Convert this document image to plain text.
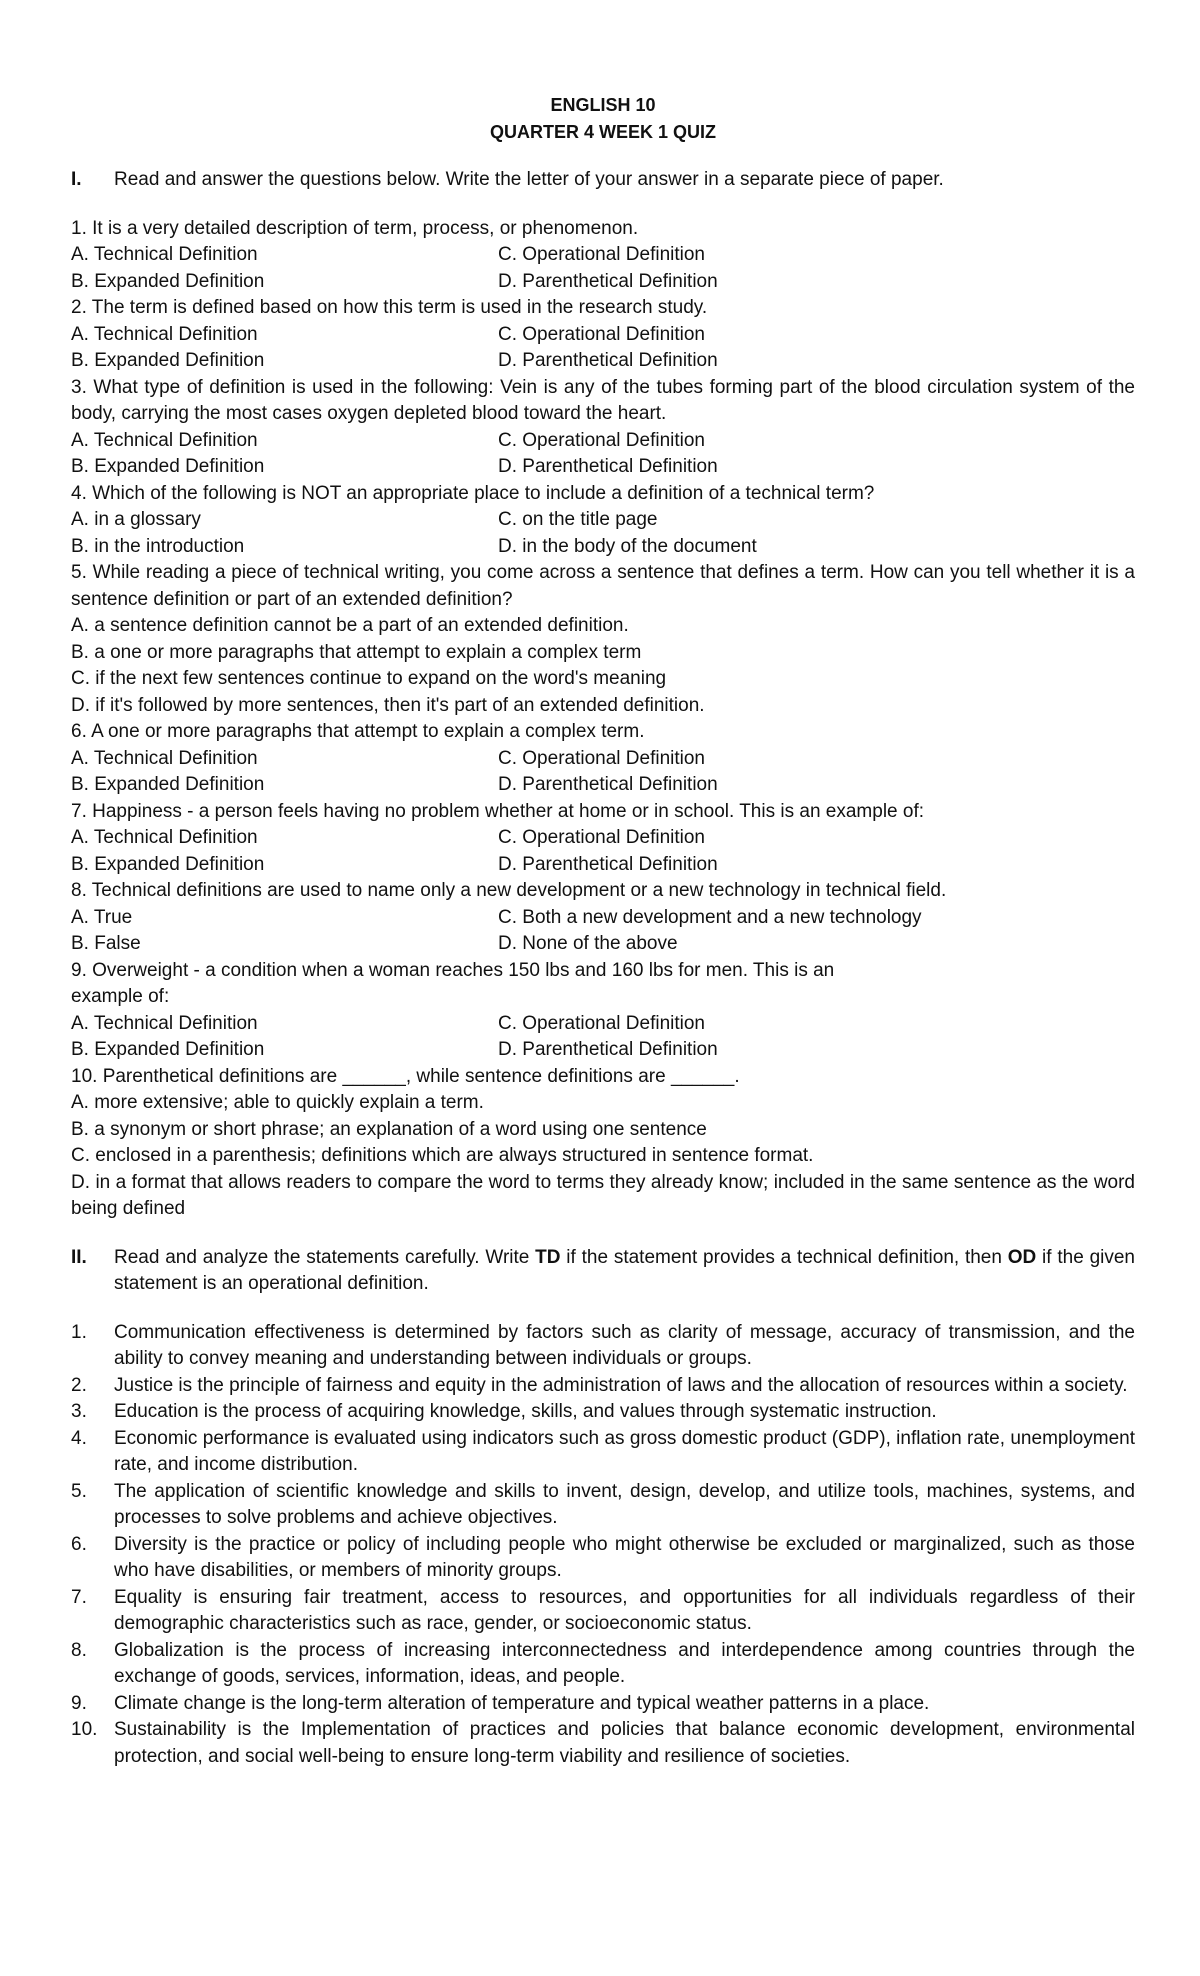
ENGLISH 10
QUARTER 4 WEEK 1 QUIZ
I.	Read and answer the questions below. Write the letter of your answer in a separate piece of paper.
1. It is a very detailed description of term, process, or phenomenon.
A. Technical Definition	C. Operational Definition
B. Expanded Definition	D. Parenthetical Definition
2. The term is defined based on how this term is used in the research study.
A. Technical Definition	C. Operational Definition
B. Expanded Definition	D. Parenthetical Definition
3. What type of definition is used in the following: Vein is any of the tubes forming part of the blood circulation system of the body, carrying the most cases oxygen depleted blood toward the heart.
A. Technical Definition	C. Operational Definition
B. Expanded Definition	D. Parenthetical Definition
4. Which of the following is NOT an appropriate place to include a definition of a technical term?
A. in a glossary	C. on the title page
B. in the introduction	D. in the body of the document
5. While reading a piece of technical writing, you come across a sentence that defines a term. How can you tell whether it is a sentence definition or part of an extended definition?
A. a sentence definition cannot be a part of an extended definition.
B. a one or more paragraphs that attempt to explain a complex term
C. if the next few sentences continue to expand on the word's meaning
D. if it's followed by more sentences, then it's part of an extended definition.
6. A one or more paragraphs that attempt to explain a complex term.
A. Technical Definition	C. Operational Definition
B. Expanded Definition	D. Parenthetical Definition
7. Happiness - a person feels having no problem whether at home or in school. This is an example of:
A. Technical Definition	C. Operational Definition
B. Expanded Definition	D. Parenthetical Definition
8. Technical definitions are used to name only a new development or a new technology in technical field.
A. True	C. Both a new development and a new technology
B. False	D. None of the above
9. Overweight - a condition when a woman reaches 150 lbs and 160 lbs for men. This is an
example of:
A. Technical Definition	C. Operational Definition
B. Expanded Definition	D. Parenthetical Definition
10. Parenthetical definitions are ______, while sentence definitions are ______.
A. more extensive; able to quickly explain a term.
B. a synonym or short phrase; an explanation of a word using one sentence
C. enclosed in a parenthesis; definitions which are always structured in sentence format.
D. in a format that allows readers to compare the word to terms they already know; included in the same sentence as the word being defined
II.	Read and analyze the statements carefully. Write TD if the statement provides a technical definition, then OD if the given statement is an operational definition.
1.	Communication effectiveness is determined by factors such as clarity of message, accuracy of transmission, and the ability to convey meaning and understanding between individuals or groups.
2.	Justice is the principle of fairness and equity in the administration of laws and the allocation of resources within a society.
3.	Education is the process of acquiring knowledge, skills, and values through systematic instruction.
4.	Economic performance is evaluated using indicators such as gross domestic product (GDP), inflation rate, unemployment rate, and income distribution.
5.	The application of scientific knowledge and skills to invent, design, develop, and utilize tools, machines, systems, and processes to solve problems and achieve objectives.
6.	Diversity is the practice or policy of including people who might otherwise be excluded or marginalized, such as those who have disabilities, or members of minority groups.
7.	Equality is ensuring fair treatment, access to resources, and opportunities for all individuals regardless of their demographic characteristics such as race, gender, or socioeconomic status.
8.	Globalization is the process of increasing interconnectedness and interdependence among countries through the exchange of goods, services, information, ideas, and people.
9.	Climate change is the long-term alteration of temperature and typical weather patterns in a place.
10. Sustainability is the Implementation of practices and policies that balance economic development, environmental protection, and social well-being to ensure long-term viability and resilience of societies.
